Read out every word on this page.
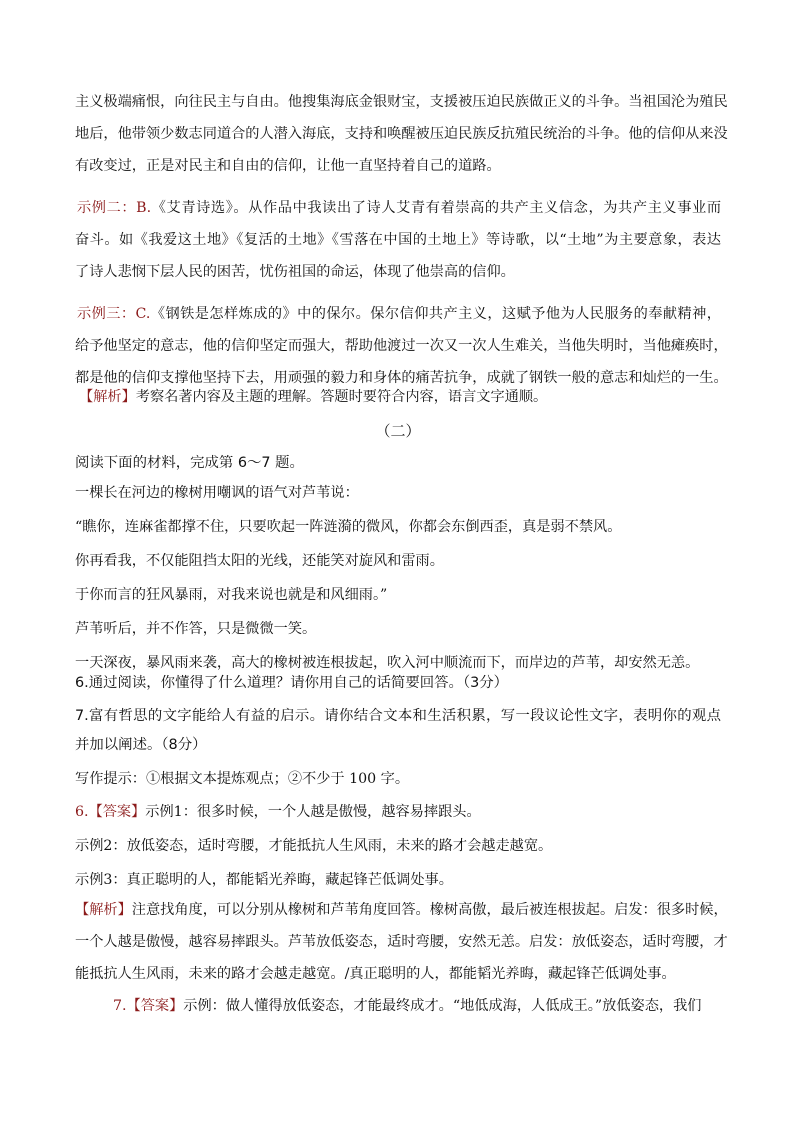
主义极端痛恨，向往民主与自由。他搜集海底金银财宝，支援被压迫民族做正义的斗争。当祖国沦为殖民

地后，他带领少数志同道合的人潜入海底，支持和唤醒被压迫民族反抗殖民统治的斗争。他的信仰从来没

有改变过，正是对民主和自由的信仰，让他一直坚持着自己的道路。

示例二：B.《艾青诗选》。从作品中我读出了诗人艾青有着崇高的共产主义信念，为共产主义事业而

奋斗。如《我爱这土地》《复活的土地》《雪落在中国的土地上》等诗歌，以“土地”为主要意象，表达

了诗人悲悯下层人民的困苦，忧伤祖国的命运，体现了他崇高的信仰。

示例三：C.《钢铁是怎样炼成的》中的保尔。保尔信仰共产主义，这赋予他为人民服务的奉献精神，

给予他坚定的意志，他的信仰坚定而强大，帮助他渡过一次又一次人生难关，当他失明时，当他瘫痪时，

都是他的信仰支撑他坚持下去，用顽强的毅力和身体的痛苦抗争，成就了钢铁一般的意志和灿烂的一生。

【解析】考察名著内容及主题的理解。答题时要符合内容，语言文字通顺。

（二）

阅读下面的材料，完成第 6～7 题。

一棵长在河边的橡树用嘲讽的语气对芦苇说：

“瞧你，连麻雀都撑不住，只要吹起一阵涟漪的微风，你都会东倒西歪，真是弱不禁风。

你再看我，不仅能阻挡太阳的光线，还能笑对旋风和雷雨。

于你而言的狂风暴雨，对我来说也就是和风细雨。”

芦苇听后，并不作答，只是微微一笑。

一天深夜，暴风雨来袭，高大的橡树被连根拔起，吹入河中顺流而下，而岸边的芦苇，却安然无恙。

6.通过阅读，你懂得了什么道理？请你用自己的话简要回答。（3分）

7.富有哲思的文字能给人有益的启示。请你结合文本和生活积累，写一段议论性文字，表明你的观点

并加以阐述。（8分）

写作提示：①根据文本提炼观点；②不少于 100 字。

6.【答案】示例1：很多时候，一个人越是傲慢，越容易摔跟头。

示例2：放低姿态，适时弯腰，才能抵抗人生风雨，未来的路才会越走越宽。

示例3：真正聪明的人，都能韬光养晦，藏起锋芒低调处事。

【解析】注意找角度，可以分别从橡树和芦苇角度回答。橡树高傲，最后被连根拔起。启发：很多时候，

一个人越是傲慢，越容易摔跟头。芦苇放低姿态，适时弯腰，安然无恙。启发：放低姿态，适时弯腰，才

能抵抗人生风雨，未来的路才会越走越宽。/真正聪明的人，都能韬光养晦，藏起锋芒低调处事。

7.【答案】示例：做人懂得放低姿态，才能最终成才。“地低成海，人低成王。”放低姿态，我们
